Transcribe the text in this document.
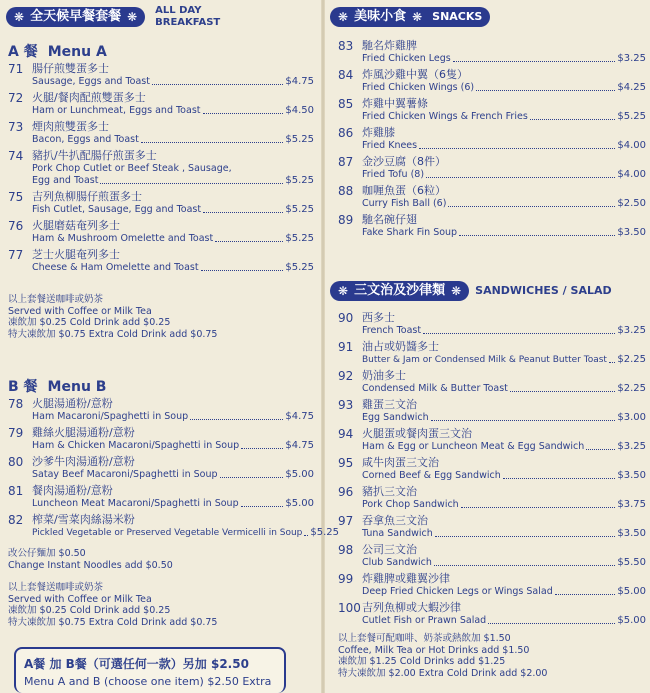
❋ 全天候早餐套餐 ❋ ALL DAY
BREAKFAST
A 餐 Menu A
71 腸仔煎雙蛋多士
Sausage, Eggs and Toast	$4.75
72 火腿/餐肉配煎雙蛋多士
Ham or Lunchmeat, Eggs and Toast	$4.50
73 煙肉煎雙蛋多士
Bacon, Eggs and Toast	$5.25
74 豬扒/牛扒配腸仔煎蛋多士
Pork Chop Cutlet or Beef Steak , Sausage,
Egg and Toast	$5.25
75 吉列魚柳腸仔煎蛋多士
Fish Cutlet, Sausage, Egg and Toast	$5.25
76 火腿磨菇奄列多士
Ham & Mushroom Omelette and Toast	$5.25
77 芝士火腿奄列多士
Cheese & Ham Omelette and Toast	$5.25
以上套餐送咖啡或奶茶
Served with Coffee or Milk Tea
凍飲加 $0.25 Cold Drink add $0.25
特大凍飲加 $0.75 Extra Cold Drink add $0.75
B 餐 Menu B
78 火腿湯通粉/意粉
Ham Macaroni/Spaghetti in Soup	$4.75
79 雞絲火腿湯通粉/意粉
Ham & Chicken Macaroni/Spaghetti in Soup	$4.75
80 沙爹牛肉湯通粉/意粉
Satay Beef Macaroni/Spaghetti in Soup	$5.00
81 餐肉湯通粉/意粉
Luncheon Meat Macaroni/Spaghetti in Soup	$5.00
82 榨菜/雪菜肉絲湯米粉
Pickled Vegetable or Preserved Vegetable Vermicelli in Soup $5.25
改公仔麵加 $0.50
Change Instant Noodles add $0.50
以上套餐送咖啡或奶茶
Served with Coffee or Milk Tea
凍飲加 $0.25 Cold Drink add $0.25
特大凍飲加 $0.75 Extra Cold Drink add $0.75
A餐 加 B餐（可選任何一款）另加 $2.50
Menu A and B (choose one item) $2.50 Extra
❋ 美味小食 ❋ SNACKS
83 馳名炸雞脾
Fried Chicken Legs	$3.25
84 炸風沙雞中翼（6隻）
Fried Chicken Wings (6)	$4.25
85 炸雞中翼薯條
Fried Chicken Wings & French Fries	$5.25
86 炸雞膝
Fried Knees	$4.00
87 金沙豆腐（8件）
Fried Tofu (8)	$4.00
88 咖喱魚蛋（6粒）
Curry Fish Ball (6)	$2.50
89 馳名碗仔翅
Fake Shark Fin Soup	$3.50
❋ 三文治及沙律類 ❋ SANDWICHES / SALAD
90 西多士
French Toast	$3.25
91 油占或奶醬多士
Butter & Jam or Condensed Milk & Peanut Butter Toast $2.25
92 奶油多士
Condensed Milk & Butter Toast	$2.25
93 雞蛋三文治
Egg Sandwich	$3.00
94 火腿蛋或餐肉蛋三文治
Ham & Egg or Luncheon Meat & Egg Sandwich	$3.25
95 咸牛肉蛋三文治
Corned Beef & Egg Sandwich	$3.50
96 豬扒三文治
Pork Chop Sandwich	$3.75
97 吞拿魚三文治
Tuna Sandwich	$3.50
98 公司三文治
Club Sandwich	$5.50
99 炸雞脾或雞翼沙律
Deep Fried Chicken Legs or Wings Salad	$5.00
100 吉列魚柳或大蝦沙律
Cutlet Fish or Prawn Salad	$5.00
以上套餐可配咖啡、奶茶或熱飲加 $1.50
Coffee, Milk Tea or Hot Drinks add $1.50
凍飲加 $1.25 Cold Drinks add $1.25
特大凍飲加 $2.00 Extra Cold Drink add $2.00
